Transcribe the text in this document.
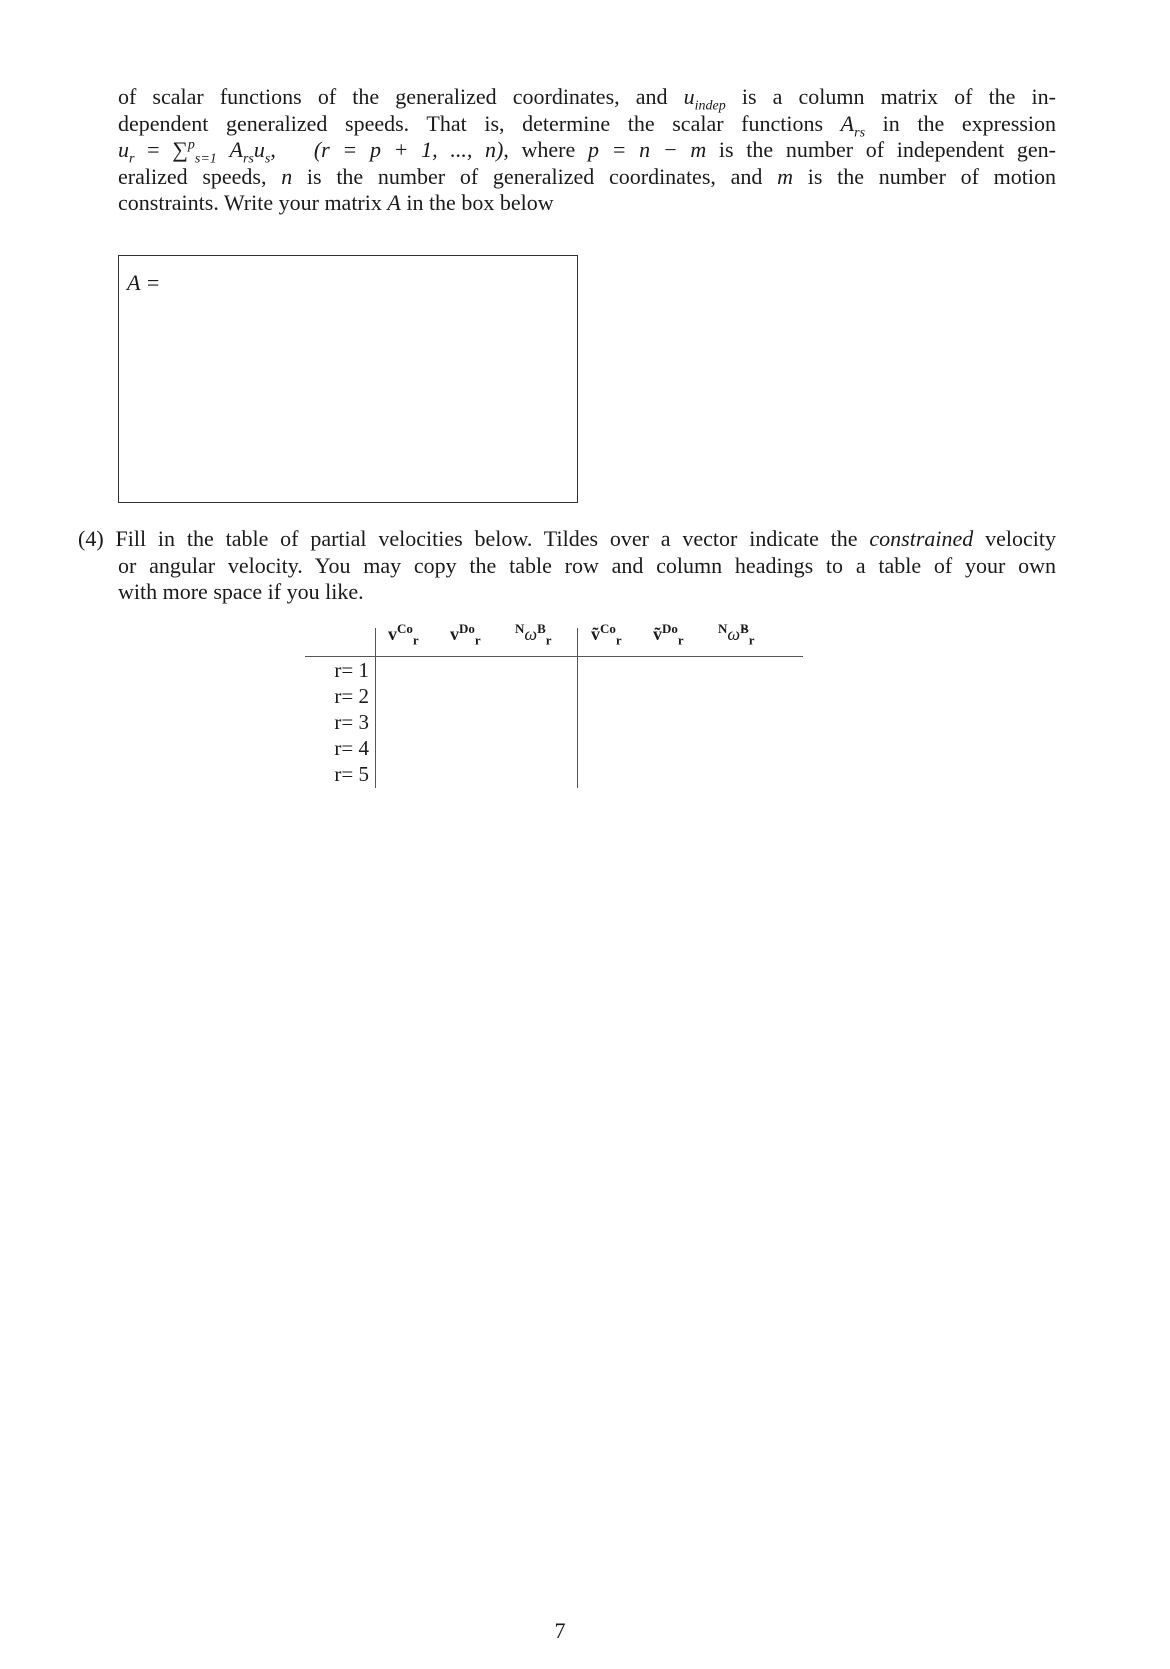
of scalar functions of the generalized coordinates, and $u_{indep}$ is a column matrix of the in-
dependent generalized speeds. That is, determine the scalar functions $A_{rs}$ in the expression
$u_r = \sum^p_{s=1}$ $A_{rs}u_s$, (r = p + 1, ..., n), where p = n − m is the number of independent gen-
eralized speeds, n is the number of generalized coordinates, and m is the number of motion
constraints. Write your matrix A in the box below
A =
(4) Fill in the table of partial velocities below. Tildes over a vector indicate the constrained velocity
or angular velocity. You may copy the table row and column headings to a table of your own
with more space if you like.
$v^{Co}_r$ $v^{Do}_r$
$^N\omega^B_r$ ṽ$^{Co}_r$ ṽ$^{Do}_r$
$^N$ω̃$^B_r$
r= 1
r= 2
r= 3
r= 4
r= 5
7
